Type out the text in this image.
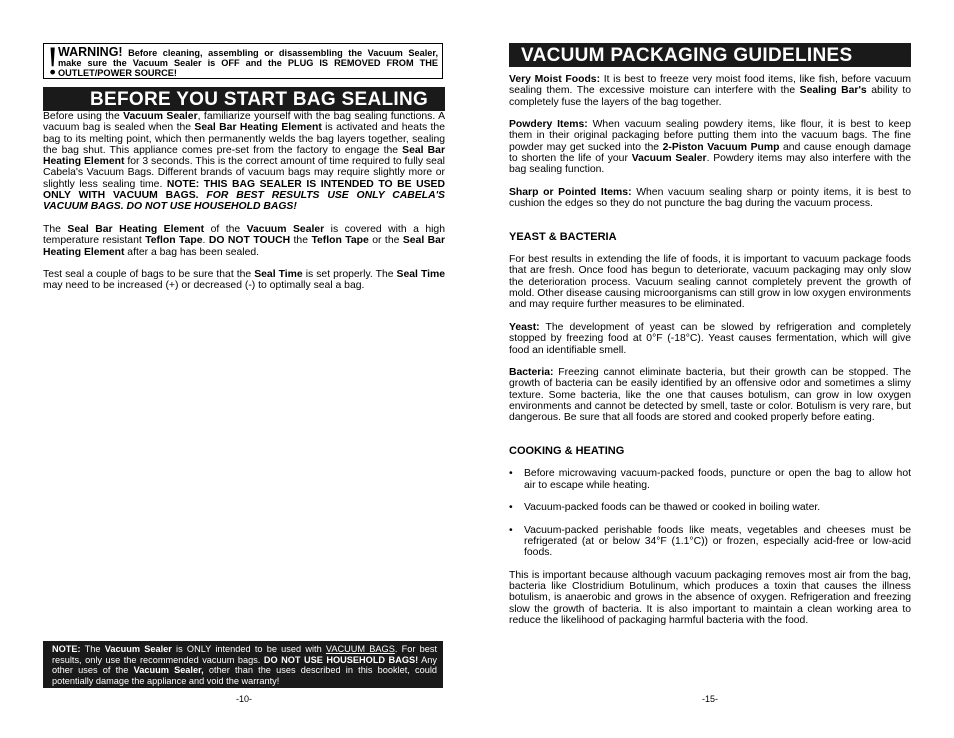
!
WARNING! Before cleaning, assembling or disassembling the Vacuum Sealer, make sure the Vacuum Sealer is OFF and the PLUG IS REMOVED FROM THE OUTLET/POWER SOURCE!
BEFORE YOU START BAG SEALING

Before using the Vacuum Sealer, familiarize yourself with the bag sealing functions. A vacuum bag is sealed when the Seal Bar Heating Element is activated and heats the bag to its melting point, which then permanently welds the bag layers together, sealing the bag shut. This appliance comes pre-set from the factory to engage the Seal Bar Heating Element for 3 seconds. This is the correct amount of time required to fully seal Cabela's Vacuum Bags. Different brands of vacuum bags may require slightly more or slightly less sealing time. NOTE: THIS BAG SEALER IS INTENDED TO BE USED ONLY WITH VACUUM BAGS. FOR BEST RESULTS USE ONLY CABELA'S VACUUM BAGS. DO NOT USE HOUSEHOLD BAGS!

The Seal Bar Heating Element of the Vacuum Sealer is covered with a high temperature resistant Teflon Tape. DO NOT TOUCH the Teflon Tape or the Seal Bar Heating Element after a bag has been sealed.

Test seal a couple of bags to be sure that the Seal Time is set properly. The Seal Time may need to be increased (+) or decreased (-) to optimally seal a bag.

NOTE: The Vacuum Sealer is ONLY intended to be used with VACUUM BAGS. For best results, only use the recommended vacuum bags. DO NOT USE HOUSEHOLD BAGS! Any other uses of the Vacuum Sealer, other than the uses described in this booklet, could potentially damage the appliance and void the warranty!
-10-
VACUUM PACKAGING GUIDELINES

Very Moist Foods: It is best to freeze very moist food items, like fish, before vacuum sealing them. The excessive moisture can interfere with the Sealing Bar's ability to completely fuse the layers of the bag together.

Powdery Items: When vacuum sealing powdery items, like flour, it is best to keep them in their original packaging before putting them into the vacuum bags. The fine powder may get sucked into the 2-Piston Vacuum Pump and cause enough damage to shorten the life of your Vacuum Sealer. Powdery items may also interfere with the bag sealing function.

Sharp or Pointed Items: When vacuum sealing sharp or pointy items, it is best to cushion the edges so they do not puncture the bag during the vacuum process.

YEAST & BACTERIA

For best results in extending the life of foods, it is important to vacuum package foods that are fresh. Once food has begun to deteriorate, vacuum packaging may only slow the deterioration process. Vacuum sealing cannot completely prevent the growth of mold. Other disease causing microorganisms can still grow in low oxygen environments and may require further measures to be eliminated.

Yeast: The development of yeast can be slowed by refrigeration and completely stopped by freezing food at 0°F (-18°C). Yeast causes fermentation, which will give food an identifiable smell.

Bacteria: Freezing cannot eliminate bacteria, but their growth can be stopped. The growth of bacteria can be easily identified by an offensive odor and sometimes a slimy texture. Some bacteria, like the one that causes botulism, can grow in low oxygen environments and cannot be detected by smell, taste or color. Botulism is very rare, but dangerous. Be sure that all foods are stored and cooked properly before eating.

COOKING & HEATING

•	Before microwaving vacuum-packed foods, puncture or open the bag to allow hot air to escape while heating.

•	Vacuum-packed foods can be thawed or cooked in boiling water.

•	Vacuum-packed perishable foods like meats, vegetables and cheeses must be refrigerated (at or below 34°F (1.1°C)) or frozen, especially acid-free or low-acid foods.

This is important because although vacuum packaging removes most air from the bag, bacteria like Clostridium Botulinum, which produces a toxin that causes the illness botulism, is anaerobic and grows in the absence of oxygen. Refrigeration and freezing slow the growth of bacteria. It is also important to maintain a clean working area to reduce the likelihood of packaging harmful bacteria with the food.

-15-
